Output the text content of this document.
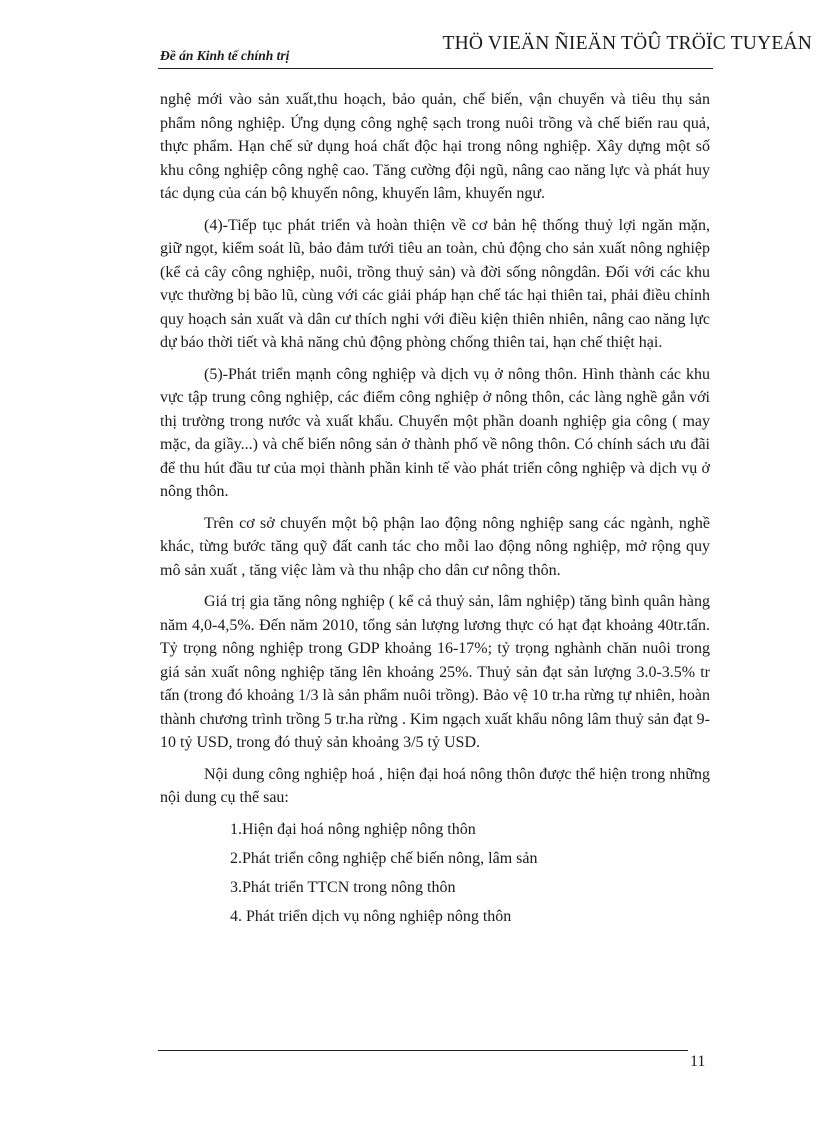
Đề án Kinh tế chính trị
THÖ VIEÄN ÑIEÄN TÖÛ TRÖÏC TUYEÁN

nghệ mới vào sản xuất,thu hoạch, bảo quản, chế biến, vận chuyển và tiêu thụ sản phẩm nông nghiệp. Ứng dụng công nghệ sạch trong nuôi trồng và chế biến rau quả, thực phẩm. Hạn chế sử dụng hoá chất độc hại trong nông nghiệp. Xây dựng một số khu công nghiệp công nghệ cao. Tăng cường đội ngũ, nâng cao năng lực và phát huy tác dụng của cán bộ khuyến nông, khuyến lâm, khuyến ngư.

(4)-Tiếp tục phát triển và hoàn thiện về cơ bản hệ thống thuỷ lợi ngăn mặn, giữ ngọt, kiểm soát lũ, bảo đảm tưới tiêu an toàn, chủ động cho sản xuất nông nghiệp (kể cả cây công nghiệp, nuôi, trồng thuỷ sản) và đời sống nôngdân. Đối với các khu vực thường bị bão lũ, cùng với các giải pháp hạn chế tác hại thiên tai, phải điều chỉnh quy hoạch sản xuất và dân cư thích nghi với điều kiện thiên nhiên, nâng cao năng lực dự báo thời tiết và khả năng chủ động phòng chống thiên tai, hạn chế thiệt hại.

(5)-Phát triển mạnh công nghiệp và dịch vụ ở nông thôn. Hình thành các khu vực tập trung công nghiệp, các điểm công nghiệp ở nông thôn, các làng nghề gắn với thị trường trong nước và xuất khẩu. Chuyển một phần doanh nghiệp gia công ( may mặc, da giầy...) và chế biến nông sản ở thành phố về nông thôn. Có chính sách ưu đãi để thu hút đầu tư của mọi thành phần kinh tế vào phát triển công nghiệp và dịch vụ ở nông thôn.

Trên cơ sở chuyển một bộ phận lao động nông nghiệp sang các ngành, nghề khác, từng bước tăng quỹ đất canh tác cho mỗi lao động nông nghiệp, mở rộng quy mô sản xuất , tăng việc làm và thu nhập cho dân cư nông thôn.

Giá trị gia tăng nông nghiệp ( kể cả thuỷ sản, lâm nghiệp) tăng bình quân hàng năm 4,0-4,5%. Đến năm 2010, tổng sản lượng lương thực có hạt đạt khoảng 40tr.tấn. Tỷ trọng nông nghiệp trong GDP khoảng 16-17%; tỷ trọng nghành chăn nuôi trong giá sản xuất nông nghiệp tăng lên khoảng 25%. Thuỷ sản đạt sản lượng 3.0-3.5% tr tấn (trong đó khoảng 1/3 là sản phẩm nuôi trồng). Bảo vệ 10 tr.ha rừng tự nhiên, hoàn thành chương trình trồng 5 tr.ha rừng . Kim ngạch xuất khẩu nông lâm thuỷ sản đạt 9-10 tỷ USD, trong đó thuỷ sản khoảng 3/5 tỷ USD.

Nội dung công nghiệp hoá , hiện đại hoá nông thôn được thể hiện trong những nội dung cụ thể sau:

1.Hiện đại hoá nông nghiệp nông thôn
2.Phát triển công nghiệp chế biến nông, lâm sản
3.Phát triển TTCN trong nông thôn
4. Phát triển dịch vụ nông nghiệp nông thôn
11
